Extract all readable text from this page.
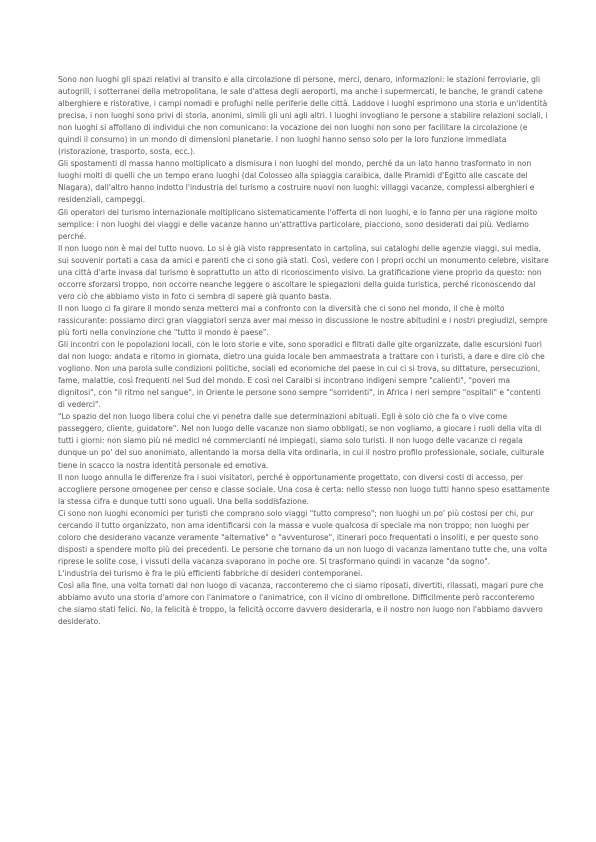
Sono non luoghi gli spazi relativi al transito e alla circolazione di persone, merci, denaro, informazioni: le stazioni ferroviarie, gli autogrill, i sotterranei della metropolitana, le sale d'attesa degli aeroporti, ma anche i supermercati, le banche, le grandi catene alberghiere e ristorative, i campi nomadi e profughi nelle periferie delle città. Laddove i luoghi esprimono una storia e un'identità precisa, i non luoghi sono privi di storia, anonimi, simili gli uni agli altri. I luoghi invogliano le persone a stabilire relazioni sociali, i non luoghi si affollano di individui che non comunicano: la vocazione dei non luoghi non sono per facilitare la circolazione (e quindi il consumo) in un mondo di dimensioni planetarie. I non luoghi hanno senso solo per la loro funzione immediata (ristorazione, trasporto, sosta, ecc.).

Gli spostamenti di massa hanno moltiplicato a dismisura i non luoghi del mondo, perché da un lato hanno trasformato in non luoghi molti di quelli che un tempo erano luoghi (dal Colosseo alla spiaggia caraibica, dalle Piramidi d'Egitto alle cascate del Niagara), dall'altro hanno indotto l'industria del turismo a costruire nuovi non luoghi: villaggi vacanze, complessi alberghieri e residenziali, campeggi.

Gli operatori del turismo internazionale moltiplicano sistematicamente l'offerta di non luoghi, e lo fanno per una ragione molto semplice: i non luoghi dei viaggi e delle vacanze hanno un'attrattiva particolare, piacciono, sono desiderati dai più. Vediamo perché.

Il non luogo non è mai del tutto nuovo. Lo si è già visto rappresentato in cartolina, sui cataloghi delle agenzie viaggi, sui media, sui souvenir portati a casa da amici e parenti che ci sono già stati. Così, vedere con i propri occhi un monumento celebre, visitare una città d'arte invasa dal turismo è soprattutto un atto di riconoscimento visivo. La gratificazione viene proprio da questo: non occorre sforzarsi troppo, non occorre neanche leggere o ascoltare le spiegazioni della guida turistica, perché riconoscendo dal vero ciò che abbiamo visto in foto ci sembra di sapere già quanto basta.

Il non luogo ci fa girare il mondo senza metterci mai a confronto con la diversità che ci sono nel mondo, il che è molto rassicurante: possiamo dirci gran viaggiatori senza aver mai messo in discussione le nostre abitudini e i nostri pregiudizi, sempre più forti nella convinzione che "tutto il mondo è paese".

Gli incontri con le popolazioni locali, con le loro storie e vite, sono sporadici e filtrati dalle gite organizzate, dalle escursioni fuori dal non luogo: andata e ritorno in giornata, dietro una guida locale ben ammaestrata a trattare con i turisti, a dare e dire ciò che vogliono. Non una parola sulle condizioni politiche, sociali ed economiche del paese in cui ci si trova, su dittature, persecuzioni, fame, malattie, così frequenti nel Sud del mondo. E così nei Caraibi si incontrano indigeni sempre "calienti", "poveri ma dignitosi", con "il ritmo nel sangue", in Oriente le persone sono sempre "sorridenti", in Africa i neri sempre "ospitali" e "contenti di vederci".

"Lo spazio del non luogo libera colui che vi penetra dalle sue determinazioni abituali. Egli è solo ciò che fa o vive come passeggero, cliente, guidatore". Nel non luogo delle vacanze non siamo obbligati, se non vogliamo, a giocare i ruoli della vita di tutti i giorni: non siamo più né medici né commercianti né impiegati, siamo solo turisti. Il non luogo delle vacanze ci regala dunque un po' del suo anonimato, allentando la morsa della vita ordinaria, in cui il nostro profilo professionale, sociale, culturale tiene in scacco la nostra identità personale ed emotiva.

Il non luogo annulla le differenze fra i suoi visitatori, perché è opportunamente progettato, con diversi costi di accesso, per accogliere persone omogenee per censo e classe sociale. Una cosa è certa: nello stesso non luogo tutti hanno speso esattamente la stessa cifra e dunque tutti sono uguali. Una bella soddisfazione.

Ci sono non luoghi economici per turisti che comprano solo viaggi "tutto compreso"; non luoghi un po' più costosi per chi, pur cercando il tutto organizzato, non ama identificarsi con la massa e vuole qualcosa di speciale ma non troppo; non luoghi per coloro che desiderano vacanze veramente "alternative" o "avventurose", itinerari poco frequentati o insoliti, e per questo sono disposti a spendere molto più dei precedenti. Le persone che tornano da un non luogo di vacanza lamentano tutte che, una volta riprese le solite cose, i vissuti della vacanza svaporano in poche ore. Si trasformano quindi in vacanze "da sogno".

L'industria del turismo è fra le più efficienti fabbriche di desideri contemporanei.

Così alla fine, una volta tornati dal non luogo di vacanza, racconteremo che ci siamo riposati, divertiti, rilassati, magari pure che abbiamo avuto una storia d'amore con l'animatore o l'animatrice, con il vicino di ombrellone. Difficilmente però racconteremo che siamo stati felici. No, la felicità è troppo, la felicità occorre davvero desiderarla, e il nostro non luogo non l'abbiamo davvero desiderato.
